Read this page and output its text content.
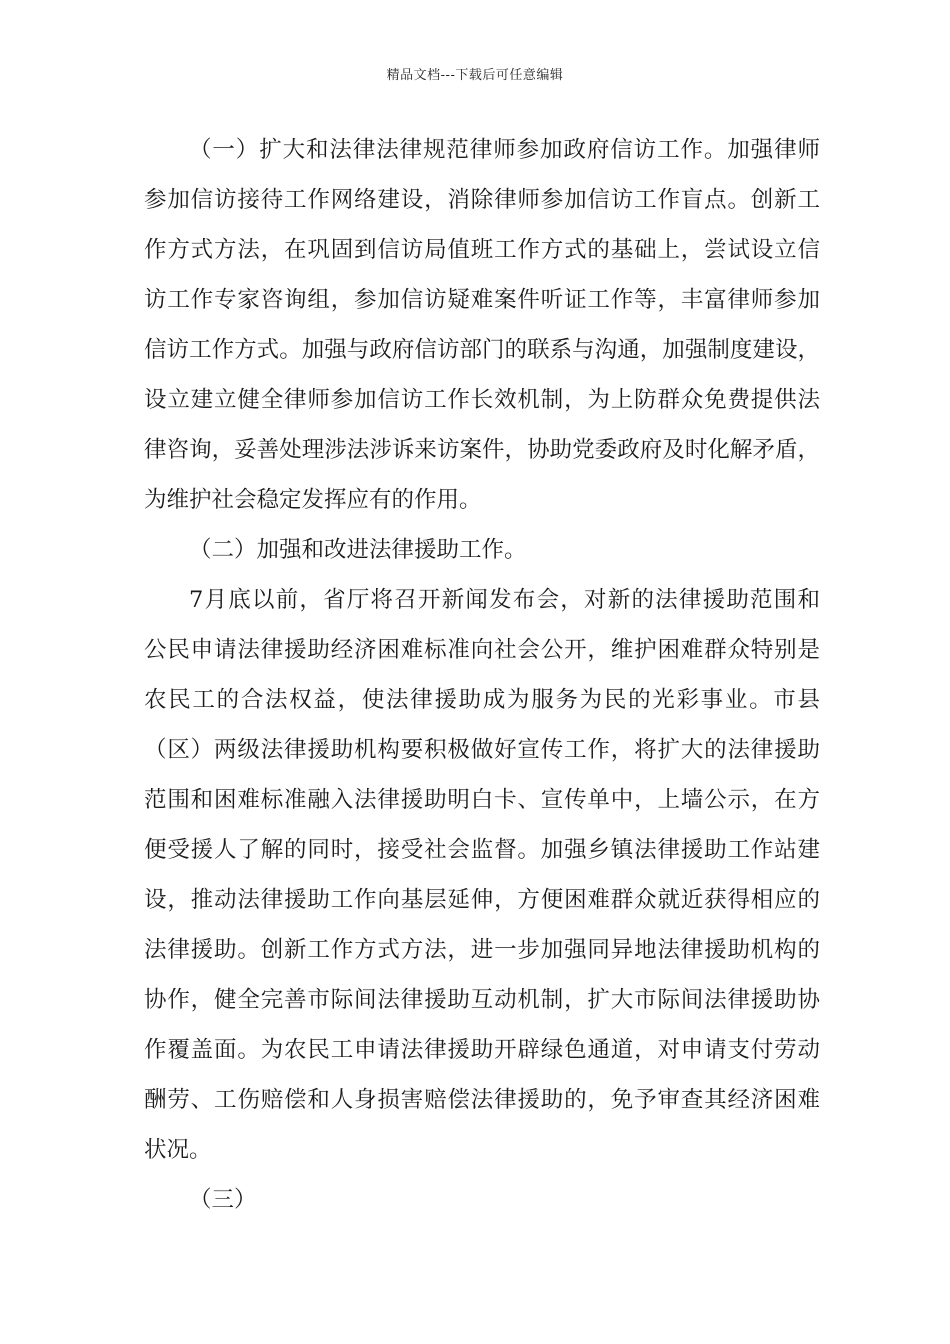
精品文档---下载后可任意编辑
（一）扩大和法律法律规范律师参加政府信访工作。加强律师
参加信访接待工作网络建设，消除律师参加信访工作盲点。创新工
作方式方法，在巩固到信访局值班工作方式的基础上，尝试设立信
访工作专家咨询组，参加信访疑难案件听证工作等，丰富律师参加
信访工作方式。加强与政府信访部门的联系与沟通，加强制度建设，
设立建立健全律师参加信访工作长效机制，为上防群众免费提供法
律咨询，妥善处理涉法涉诉来访案件，协助党委政府及时化解矛盾，
为维护社会稳定发挥应有的作用。
（二）加强和改进法律援助工作。
7月底以前，省厅将召开新闻发布会，对新的法律援助范围和
公民申请法律援助经济困难标准向社会公开，维护困难群众特别是
农民工的合法权益，使法律援助成为服务为民的光彩事业。市县
（区）两级法律援助机构要积极做好宣传工作，将扩大的法律援助
范围和困难标准融入法律援助明白卡、宣传单中，上墙公示，在方
便受援人了解的同时，接受社会监督。加强乡镇法律援助工作站建
设，推动法律援助工作向基层延伸，方便困难群众就近获得相应的
法律援助。创新工作方式方法，进一步加强同异地法律援助机构的
协作，健全完善市际间法律援助互动机制，扩大市际间法律援助协
作覆盖面。为农民工申请法律援助开辟绿色通道，对申请支付劳动
酬劳、工伤赔偿和人身损害赔偿法律援助的，免予审查其经济困难
状况。
（三）
